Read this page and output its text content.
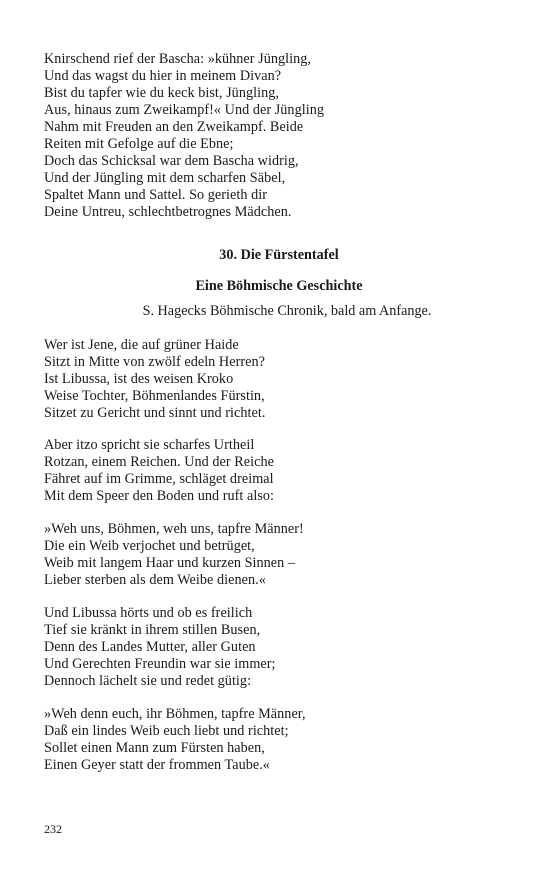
Knirschend rief der Bascha: »kühner Jüngling,
Und das wagst du hier in meinem Divan?
Bist du tapfer wie du keck bist, Jüngling,
Aus, hinaus zum Zweikampf!« Und der Jüngling
Nahm mit Freuden an den Zweikampf. Beide
Reiten mit Gefolge auf die Ebne;
Doch das Schicksal war dem Bascha widrig,
Und der Jüngling mit dem scharfen Säbel,
Spaltet Mann und Sattel. So gerieth dir
Deine Untreu, schlechtbetrognes Mädchen.
30. Die Fürstentafel
Eine Böhmische Geschichte
S. Hagecks Böhmische Chronik, bald am Anfange.
Wer ist Jene, die auf grüner Haide
Sitzt in Mitte von zwölf edeln Herren?
Ist Libussa, ist des weisen Kroko
Weise Tochter, Böhmenlandes Fürstin,
Sitzet zu Gericht und sinnt und richtet.
Aber itzo spricht sie scharfes Urtheil
Rotzan, einem Reichen. Und der Reiche
Fähret auf im Grimme, schläget dreimal
Mit dem Speer den Boden und ruft also:
»Weh uns, Böhmen, weh uns, tapfre Männer!
Die ein Weib verjochet und betrüget,
Weib mit langem Haar und kurzen Sinnen –
Lieber sterben als dem Weibe dienen.«
Und Libussa hörts und ob es freilich
Tief sie kränkt in ihrem stillen Busen,
Denn des Landes Mutter, aller Guten
Und Gerechten Freundin war sie immer;
Dennoch lächelt sie und redet gütig:
»Weh denn euch, ihr Böhmen, tapfre Männer,
Daß ein lindes Weib euch liebt und richtet;
Sollet einen Mann zum Fürsten haben,
Einen Geyer statt der frommen Taube.«
232
